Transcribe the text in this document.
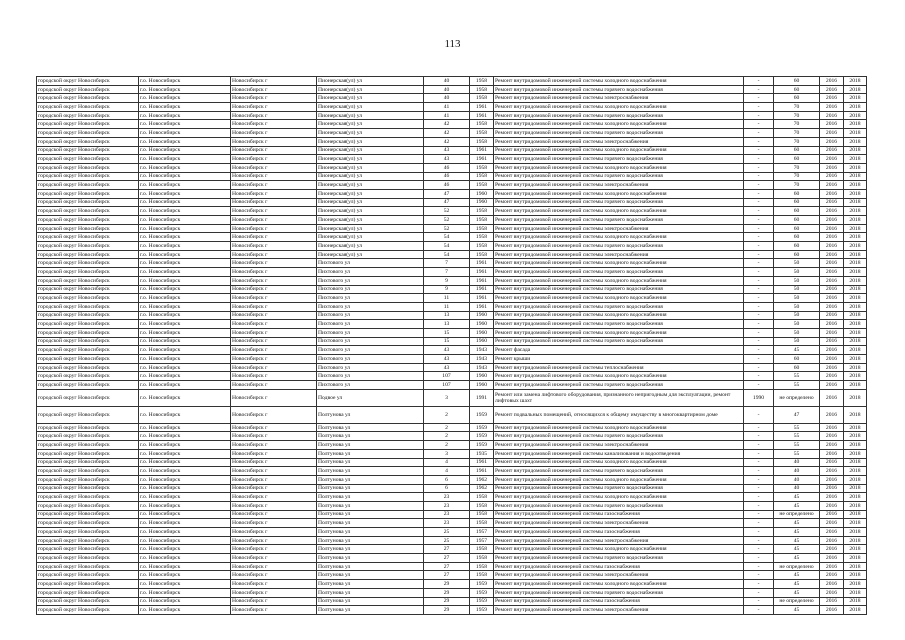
113
городской округ Новосибирск	г.о. Новосибирск	Новосибирск г	Пионерская(ул) ул	40	1958	Ремонт внутридомовой инженерной системы холодного водоснабжения	-	60	2016	2018
городской округ Новосибирск	г.о. Новосибирск	Новосибирск г	Пионерская(ул) ул	40	1958	Ремонт внутридомовой инженерной системы горячего водоснабжения	-	60	2016	2018
городской округ Новосибирск	г.о. Новосибирск	Новосибирск г	Пионерская(ул) ул	40	1958	Ремонт внутридомовой инженерной системы электроснабжения	-	60	2016	2018
городской округ Новосибирск	г.о. Новосибирск	Новосибирск г	Пионерская(ул) ул	41	1961	Ремонт внутридомовой инженерной системы холодного водоснабжения	-	70	2016	2018
городской округ Новосибирск	г.о. Новосибирск	Новосибирск г	Пионерская(ул) ул	41	1961	Ремонт внутридомовой инженерной системы горячего водоснабжения	-	70	2016	2018
городской округ Новосибирск	г.о. Новосибирск	Новосибирск г	Пионерская(ул) ул	42	1958	Ремонт внутридомовой инженерной системы холодного водоснабжения	-	70	2016	2018
городской округ Новосибирск	г.о. Новосибирск	Новосибирск г	Пионерская(ул) ул	42	1958	Ремонт внутридомовой инженерной системы горячего водоснабжения	-	70	2016	2018
городской округ Новосибирск	г.о. Новосибирск	Новосибирск г	Пионерская(ул) ул	42	1958	Ремонт внутридомовой инженерной системы электроснабжения	-	70	2016	2018
городской округ Новосибирск	г.о. Новосибирск	Новосибирск г	Пионерская(ул) ул	43	1961	Ремонт внутридомовой инженерной системы холодного водоснабжения	-	60	2016	2018
городской округ Новосибирск	г.о. Новосибирск	Новосибирск г	Пионерская(ул) ул	43	1961	Ремонт внутридомовой инженерной системы горячего водоснабжения	-	60	2016	2018
городской округ Новосибирск	г.о. Новосибирск	Новосибирск г	Пионерская(ул) ул	46	1958	Ремонт внутридомовой инженерной системы холодного водоснабжения	-	70	2016	2018
городской округ Новосибирск	г.о. Новосибирск	Новосибирск г	Пионерская(ул) ул	46	1958	Ремонт внутридомовой инженерной системы горячего водоснабжения	-	70	2016	2018
городской округ Новосибирск	г.о. Новосибирск	Новосибирск г	Пионерская(ул) ул	46	1958	Ремонт внутридомовой инженерной системы электроснабжения	-	70	2016	2018
городской округ Новосибирск	г.о. Новосибирск	Новосибирск г	Пионерская(ул) ул	47	1960	Ремонт внутридомовой инженерной системы холодного водоснабжения	-	60	2016	2018
городской округ Новосибирск	г.о. Новосибирск	Новосибирск г	Пионерская(ул) ул	47	1960	Ремонт внутридомовой инженерной системы горячего водоснабжения	-	60	2016	2018
городской округ Новосибирск	г.о. Новосибирск	Новосибирск г	Пионерская(ул) ул	52	1958	Ремонт внутридомовой инженерной системы холодного водоснабжения	-	60	2016	2018
городской округ Новосибирск	г.о. Новосибирск	Новосибирск г	Пионерская(ул) ул	52	1958	Ремонт внутридомовой инженерной системы горячего водоснабжения	-	60	2016	2018
городской округ Новосибирск	г.о. Новосибирск	Новосибирск г	Пионерская(ул) ул	52	1958	Ремонт внутридомовой инженерной системы электроснабжения	-	60	2016	2018
городской округ Новосибирск	г.о. Новосибирск	Новосибирск г	Пионерская(ул) ул	54	1958	Ремонт внутридомовой инженерной системы холодного водоснабжения	-	60	2016	2018
городской округ Новосибирск	г.о. Новосибирск	Новосибирск г	Пионерская(ул) ул	54	1958	Ремонт внутридомовой инженерной системы горячего водоснабжения	-	60	2016	2018
городской округ Новосибирск	г.о. Новосибирск	Новосибирск г	Пионерская(ул) ул	54	1958	Ремонт внутридомовой инженерной системы электроснабжения	-	60	2016	2018
городской округ Новосибирск	г.о. Новосибирск	Новосибирск г	Пихтового ул	7	1961	Ремонт внутридомовой инженерной системы холодного водоснабжения	-	50	2016	2018
городской округ Новосибирск	г.о. Новосибирск	Новосибирск г	Пихтового ул	7	1961	Ремонт внутридомовой инженерной системы горячего водоснабжения	-	50	2016	2018
городской округ Новосибирск	г.о. Новосибирск	Новосибирск г	Пихтового ул	9	1961	Ремонт внутридомовой инженерной системы холодного водоснабжения	-	50	2016	2018
городской округ Новосибирск	г.о. Новосибирск	Новосибирск г	Пихтового ул	9	1961	Ремонт внутридомовой инженерной системы горячего водоснабжения	-	50	2016	2018
городской округ Новосибирск	г.о. Новосибирск	Новосибирск г	Пихтового ул	11	1961	Ремонт внутридомовой инженерной системы холодного водоснабжения	-	50	2016	2018
городской округ Новосибирск	г.о. Новосибирск	Новосибирск г	Пихтового ул	11	1961	Ремонт внутридомовой инженерной системы горячего водоснабжения	-	50	2016	2018
городской округ Новосибирск	г.о. Новосибирск	Новосибирск г	Пихтового ул	13	1960	Ремонт внутридомовой инженерной системы холодного водоснабжения	-	50	2016	2018
городской округ Новосибирск	г.о. Новосибирск	Новосибирск г	Пихтового ул	13	1960	Ремонт внутридомовой инженерной системы горячего водоснабжения	-	50	2016	2018
городской округ Новосибирск	г.о. Новосибирск	Новосибирск г	Пихтового ул	15	1960	Ремонт внутридомовой инженерной системы холодного водоснабжения	-	50	2016	2018
городской округ Новосибирск	г.о. Новосибирск	Новосибирск г	Пихтового ул	15	1960	Ремонт внутридомовой инженерной системы горячего водоснабжения	-	50	2016	2018
городской округ Новосибирск	г.о. Новосибирск	Новосибирск г	Пихтового ул	43	1943	Ремонт фасада	-	45	2016	2018
городской округ Новосибирск	г.о. Новосибирск	Новосибирск г	Пихтового ул	43	1943	Ремонт крыши	-	60	2016	2018
городской округ Новосибирск	г.о. Новосибирск	Новосибирск г	Пихтового ул	43	1943	Ремонт внутридомовой инженерной системы теплоснабжения	-	60	2016	2018
городской округ Новосибирск	г.о. Новосибирск	Новосибирск г	Пихтового ул	107	1960	Ремонт внутридомовой инженерной системы холодного водоснабжения	-	55	2016	2018
городской округ Новосибирск	г.о. Новосибирск	Новосибирск г	Пихтового ул	107	1960	Ремонт внутридомовой инженерной системы горячего водоснабжения	-	55	2016	2018
городской округ Новосибирск	г.о. Новосибирск	Новосибирск г	Подвое ул	3	1991	Ремонт или замена лифтового оборудования, признанного непригодным для эксплуатации, ремонт лифтовых шахт	1990	не определено	2016	2018
городской округ Новосибирск	г.о. Новосибирск	Новосибирск г	Полтунова ул	2	1959	Ремонт подвальных помещений, относящихся к общему имуществу в многоквартирном доме	-	47	2016	2018
городской округ Новосибирск	г.о. Новосибирск	Новосибирск г	Полтунова ул	2	1959	Ремонт внутридомовой инженерной системы холодного водоснабжения	-	55	2016	2018
городской округ Новосибирск	г.о. Новосибирск	Новосибирск г	Полтунова ул	2	1959	Ремонт внутридомовой инженерной системы горячего водоснабжения	-	55	2016	2018
городской округ Новосибирск	г.о. Новосибирск	Новосибирск г	Полтунова ул	2	1959	Ремонт внутридомовой инженерной системы электроснабжения	-	55	2016	2018
городской округ Новосибирск	г.о. Новосибирск	Новосибирск г	Полтунова ул	3	1935	Ремонт внутридомовой инженерной системы канализования и водоотведения	-	55	2016	2018
городской округ Новосибирск	г.о. Новосибирск	Новосибирск г	Полтунова ул	4	1961	Ремонт внутридомовой инженерной системы холодного водоснабжения	-	40	2016	2018
городской округ Новосибирск	г.о. Новосибирск	Новосибирск г	Полтунова ул	4	1961	Ремонт внутридомовой инженерной системы горячего водоснабжения	-	40	2016	2018
городской округ Новосибирск	г.о. Новосибирск	Новосибирск г	Полтунова ул	6	1962	Ремонт внутридомовой инженерной системы холодного водоснабжения	-	40	2016	2018
городской округ Новосибирск	г.о. Новосибирск	Новосибирск г	Полтунова ул	6	1962	Ремонт внутридомовой инженерной системы горячего водоснабжения	-	40	2016	2018
городской округ Новосибирск	г.о. Новосибирск	Новосибирск г	Полтунова ул	23	1958	Ремонт внутридомовой инженерной системы холодного водоснабжения	-	45	2016	2018
городской округ Новосибирск	г.о. Новосибирск	Новосибирск г	Полтунова ул	23	1958	Ремонт внутридомовой инженерной системы горячего водоснабжения	-	45	2016	2018
городской округ Новосибирск	г.о. Новосибирск	Новосибирск г	Полтунова ул	23	1958	Ремонт внутридомовой инженерной системы газоснабжения	-	не определено	2016	2018
городской округ Новосибирск	г.о. Новосибирск	Новосибирск г	Полтунова ул	23	1958	Ремонт внутридомовой инженерной системы электроснабжения	-	45	2016	2018
городской округ Новосибирск	г.о. Новосибирск	Новосибирск г	Полтунова ул	25	1957	Ремонт внутридомовой инженерной системы газоснабжения	-	45	2016	2018
городской округ Новосибирск	г.о. Новосибирск	Новосибирск г	Полтунова ул	25	1957	Ремонт внутридомовой инженерной системы электроснабжения	-	45	2016	2018
городской округ Новосибирск	г.о. Новосибирск	Новосибирск г	Полтунова ул	27	1958	Ремонт внутридомовой инженерной системы холодного водоснабжения	-	45	2016	2018
городской округ Новосибирск	г.о. Новосибирск	Новосибирск г	Полтунова ул	27	1958	Ремонт внутридомовой инженерной системы горячего водоснабжения	-	45	2016	2018
городской округ Новосибирск	г.о. Новосибирск	Новосибирск г	Полтунова ул	27	1958	Ремонт внутридомовой инженерной системы газоснабжения	-	не определено	2016	2018
городской округ Новосибирск	г.о. Новосибирск	Новосибирск г	Полтунова ул	27	1958	Ремонт внутридомовой инженерной системы электроснабжения	-	45	2016	2018
городской округ Новосибирск	г.о. Новосибирск	Новосибирск г	Полтунова ул	29	1959	Ремонт внутридомовой инженерной системы холодного водоснабжения	-	45	2016	2018
городской округ Новосибирск	г.о. Новосибирск	Новосибирск г	Полтунова ул	29	1959	Ремонт внутридомовой инженерной системы горячего водоснабжения	-	45	2016	2018
городской округ Новосибирск	г.о. Новосибирск	Новосибирск г	Полтунова ул	29	1959	Ремонт внутридомовой инженерной системы газоснабжения	-	не определено	2016	2018
городской округ Новосибирск	г.о. Новосибирск	Новосибирск г	Полтунова ул	29	1959	Ремонт внутридомовой инженерной системы электроснабжения	-	45	2016	2018
